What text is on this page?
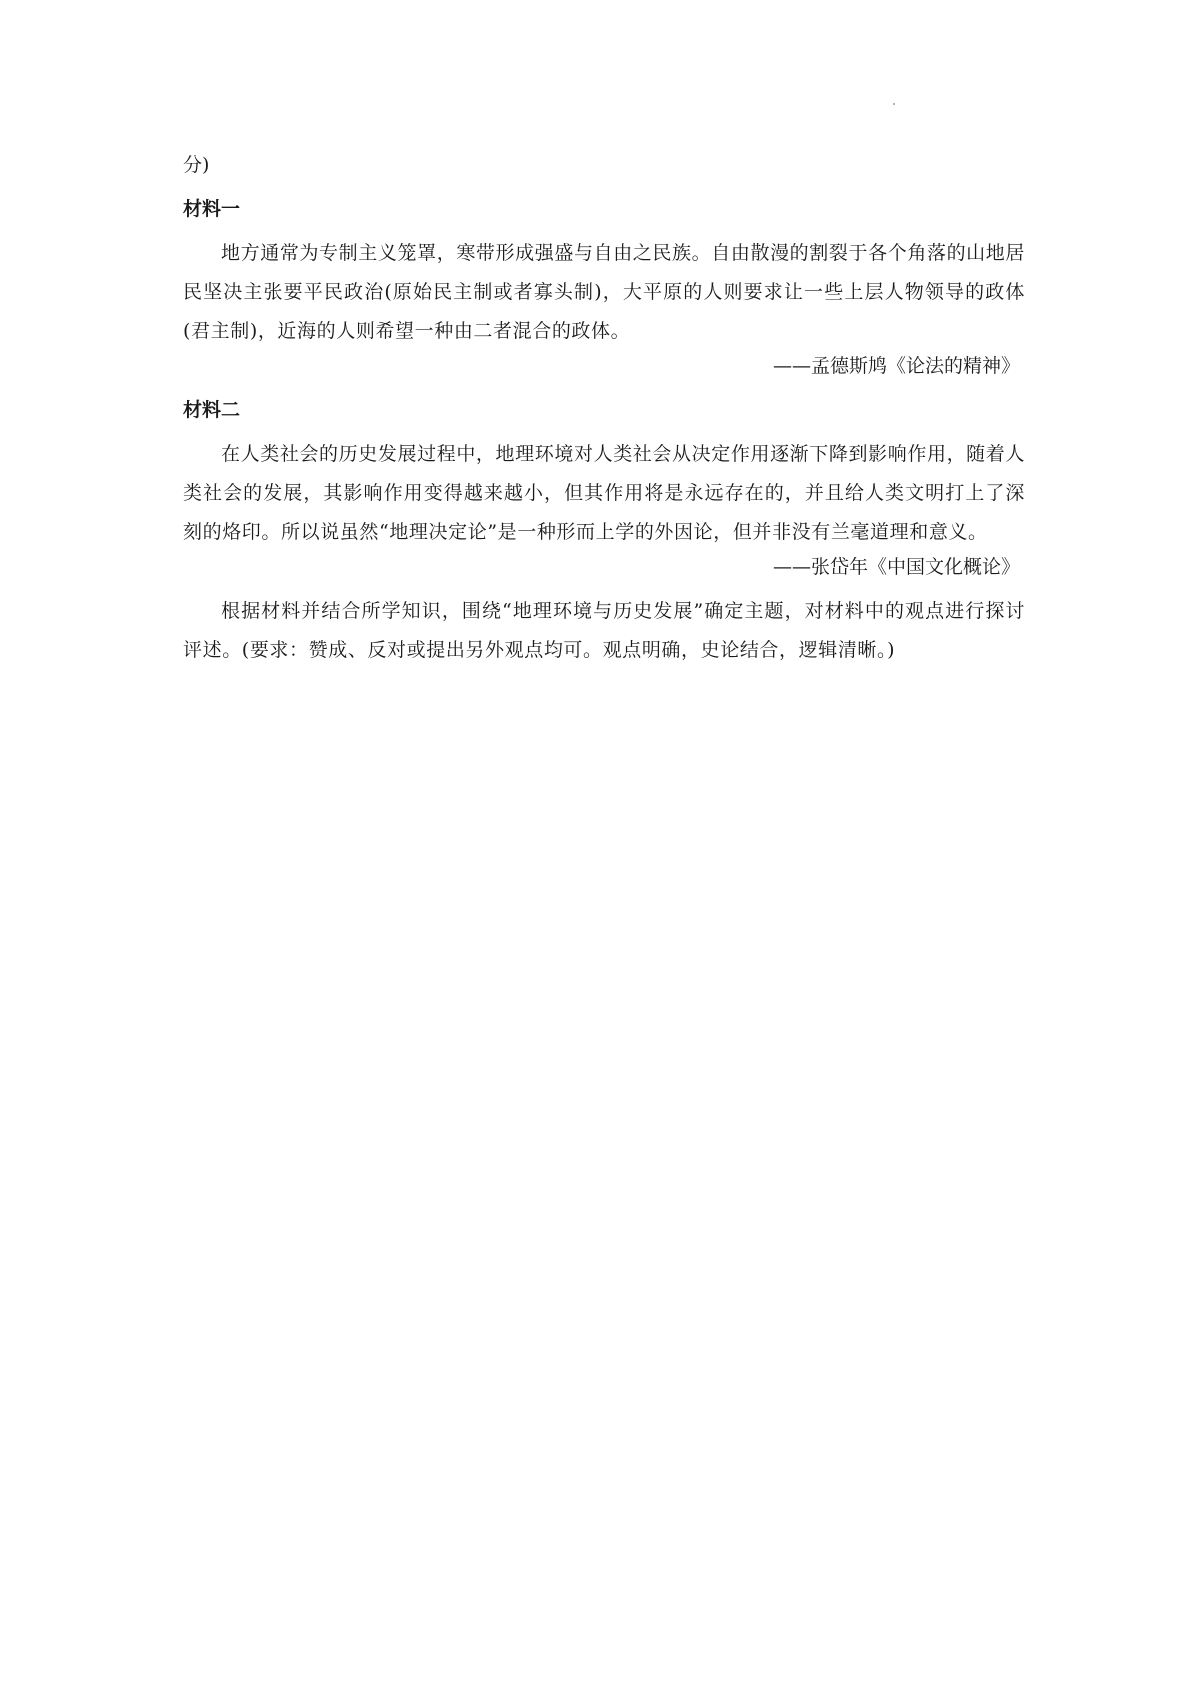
分)
材料一
地方通常为专制主义笼罩，寒带形成强盛与自由之民族。自由散漫的割裂于各个角落的山地居民坚决主张要平民政治(原始民主制或者寡头制)，大平原的人则要求让一些上层人物领导的政体(君主制)，近海的人则希望一种由二者混合的政体。
——孟德斯鸠《论法的精神》
材料二
在人类社会的历史发展过程中，地理环境对人类社会从决定作用逐渐下降到影响作用，随着人类社会的发展，其影响作用变得越来越小，但其作用将是永远存在的，并且给人类文明打上了深刻的烙印。所以说虽然“地理决定论”是一种形而上学的外因论，但并非没有兰毫道理和意义。
——张岱年《中国文化概论》
根据材料并结合所学知识，围绕“地理环境与历史发展”确定主题，对材料中的观点进行探讨评述。(要求：赞成、反对或提出另外观点均可。观点明确，史论结合，逻辑清晰。)
